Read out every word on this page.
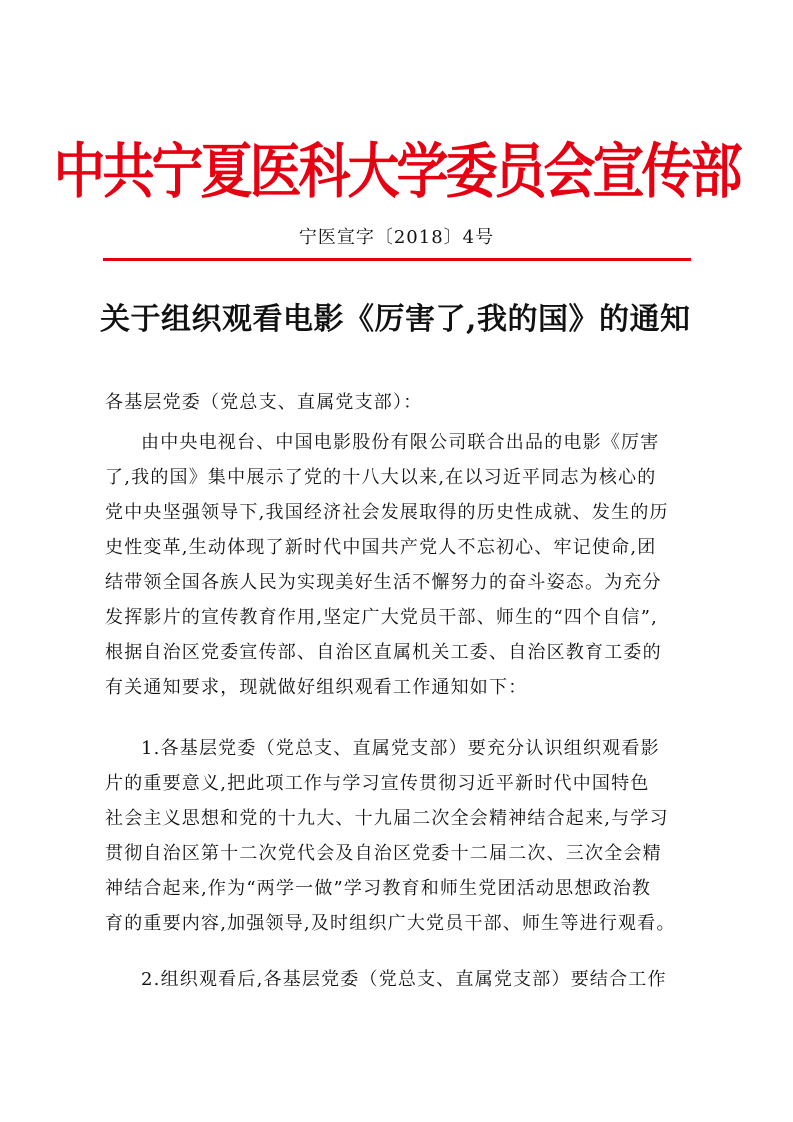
中共宁夏医科大学委员会宣传部
宁医宣字〔2018〕4号
关于组织观看电影《厉害了,我的国》的通知
各基层党委（党总支、直属党支部）：
由中央电视台、中国电影股份有限公司联合出品的电影《厉害
了,我的国》集中展示了党的十八大以来,在以习近平同志为核心的
党中央坚强领导下,我国经济社会发展取得的历史性成就、发生的历
史性变革,生动体现了新时代中国共产党人不忘初心、牢记使命,团
结带领全国各族人民为实现美好生活不懈努力的奋斗姿态。为充分
发挥影片的宣传教育作用,坚定广大党员干部、师生的“四个自信”,
根据自治区党委宣传部、自治区直属机关工委、自治区教育工委的
有关通知要求，现就做好组织观看工作通知如下：
1.各基层党委（党总支、直属党支部）要充分认识组织观看影
片的重要意义,把此项工作与学习宣传贯彻习近平新时代中国特色
社会主义思想和党的十九大、十九届二次全会精神结合起来,与学习
贯彻自治区第十二次党代会及自治区党委十二届二次、三次全会精
神结合起来,作为“两学一做”学习教育和师生党团活动思想政治教
育的重要内容,加强领导,及时组织广大党员干部、师生等进行观看。
2.组织观看后,各基层党委（党总支、直属党支部）要结合工作
